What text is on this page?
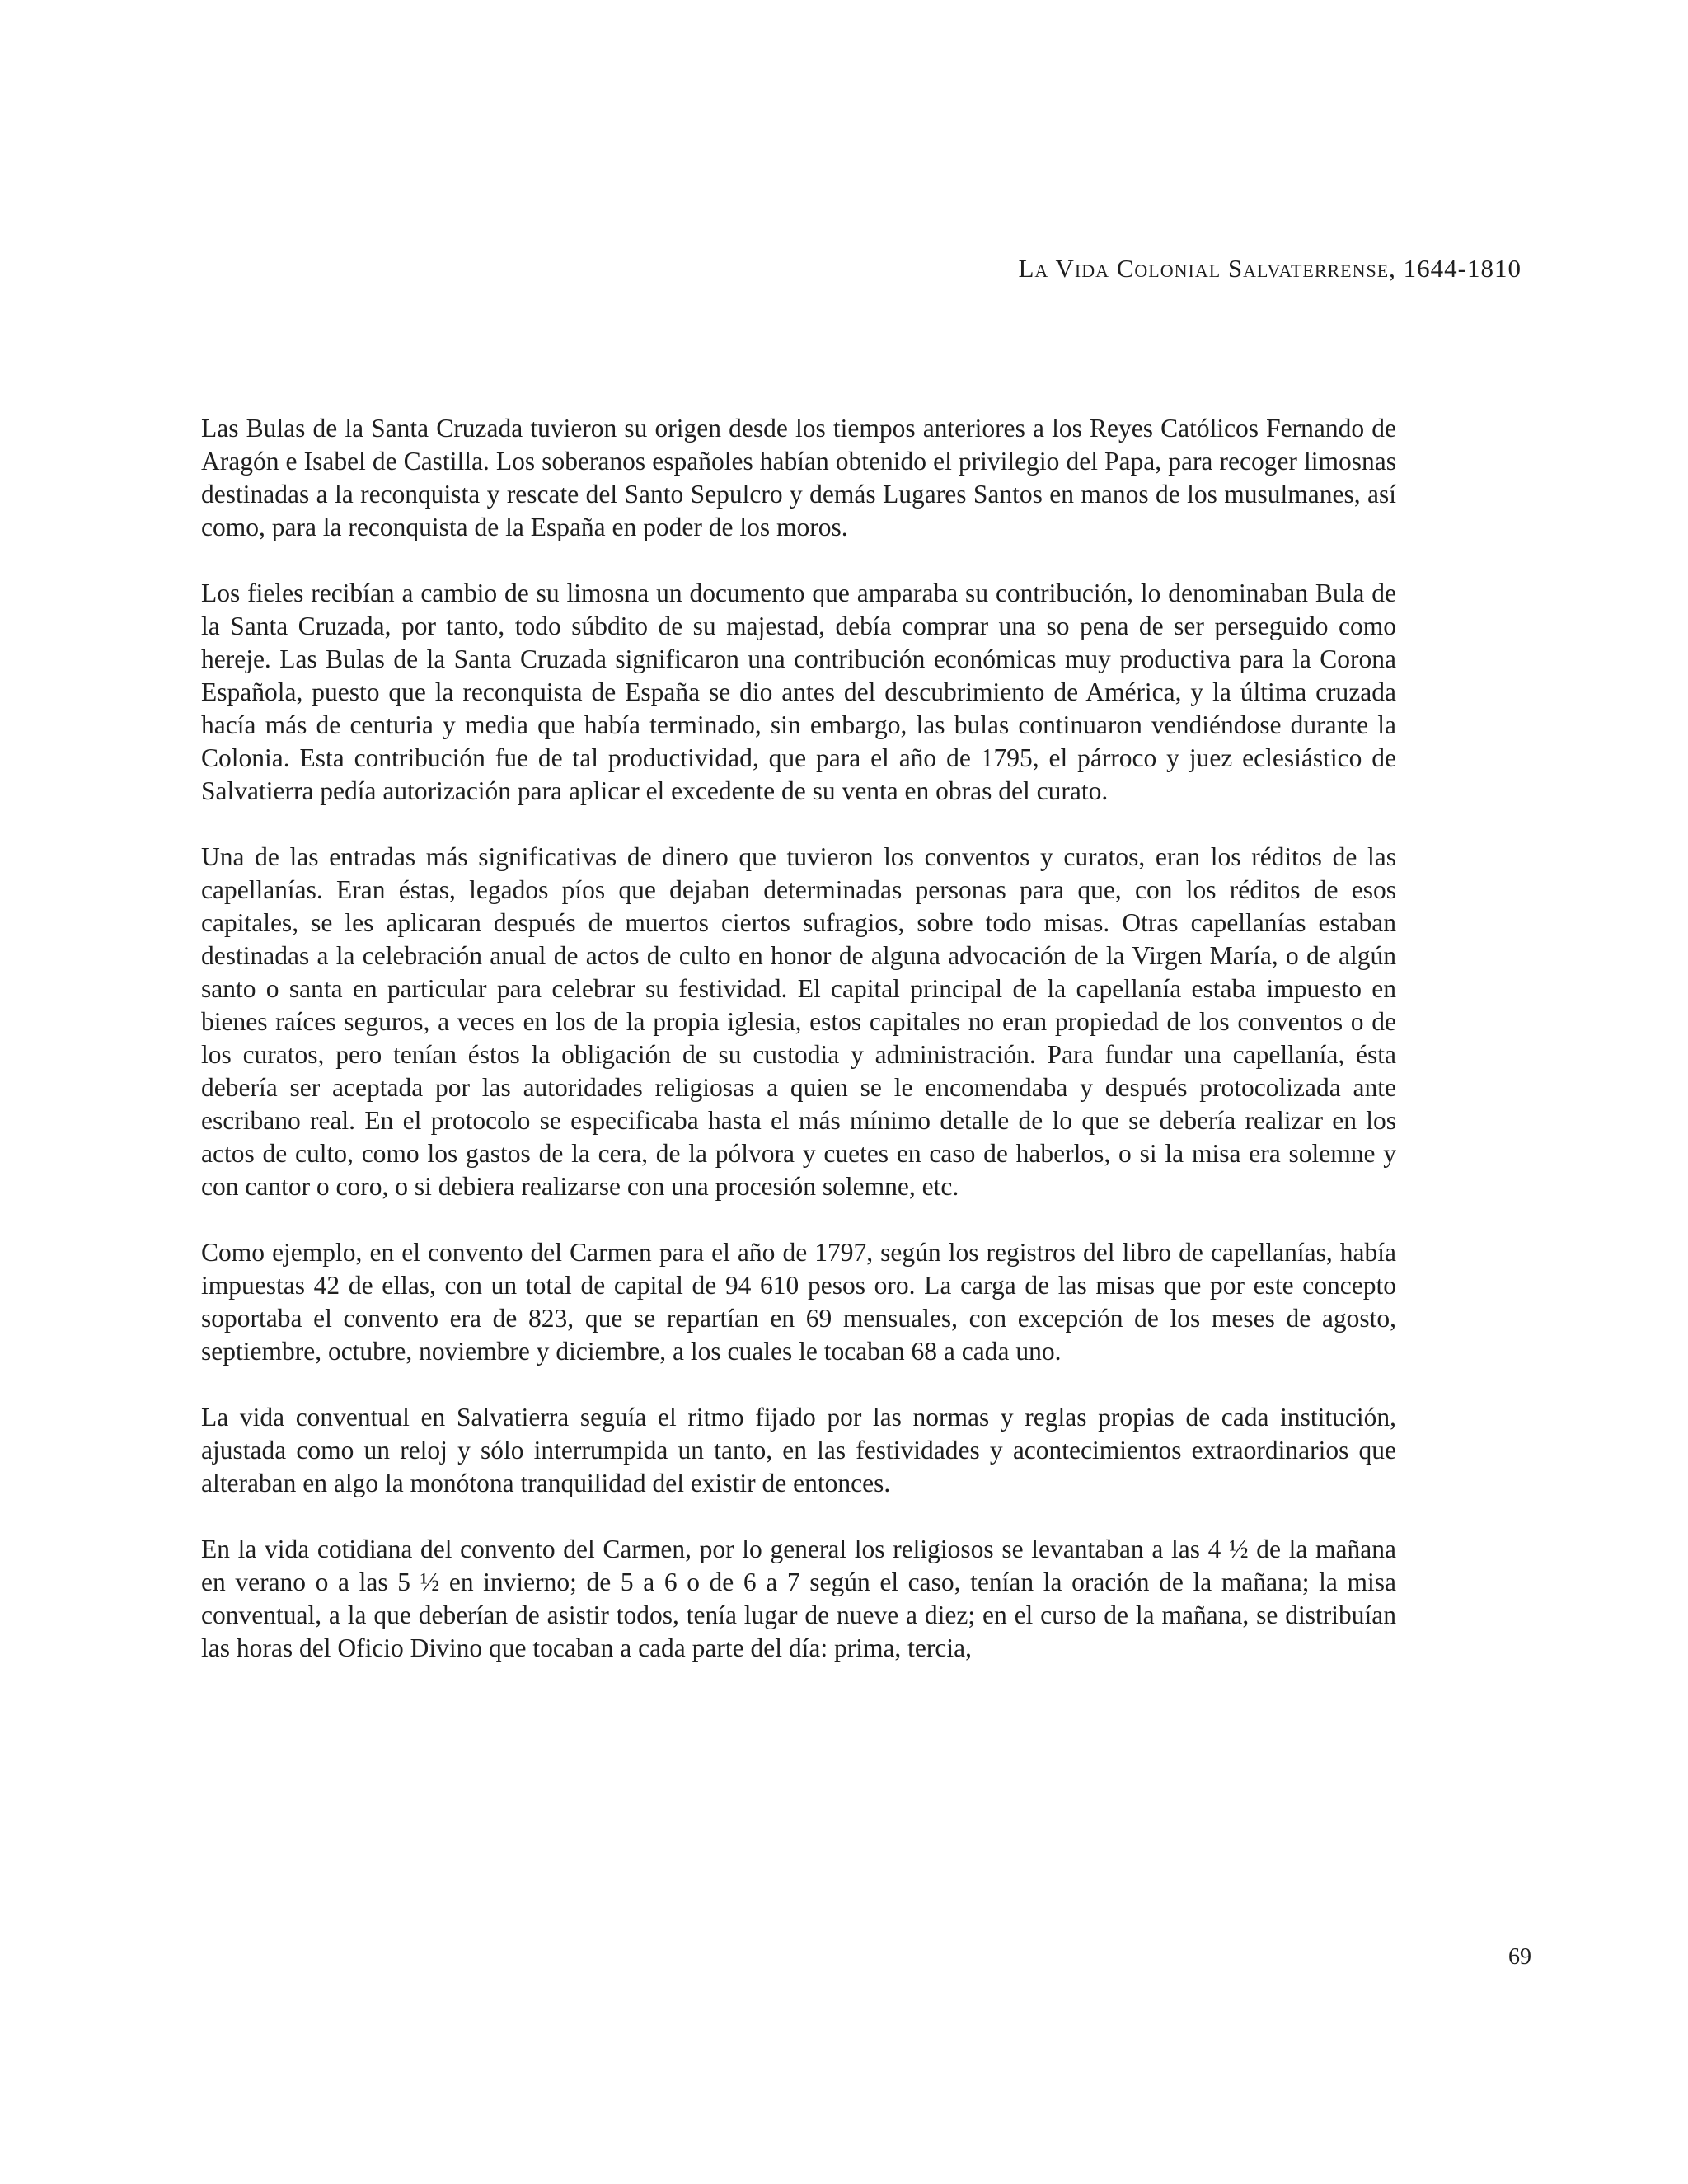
La Vida Colonial Salvaterrense, 1644-1810

Las Bulas de la Santa Cruzada tuvieron su origen desde los tiempos anteriores a los Reyes Católicos Fernando de Aragón e Isabel de Castilla. Los soberanos españoles habían obtenido el privilegio del Papa, para recoger limosnas destinadas a la reconquista y rescate del Santo Sepulcro y demás Lugares Santos en manos de los musulmanes, así como, para la reconquista de la España en poder de los moros.

Los fieles recibían a cambio de su limosna un documento que amparaba su contribución, lo denominaban Bula de la Santa Cruzada, por tanto, todo súbdito de su majestad, debía comprar una so pena de ser perseguido como hereje. Las Bulas de la Santa Cruzada significaron una contribución económicas muy productiva para la Corona Española, puesto que la reconquista de España se dio antes del descubrimiento de América, y la última cruzada hacía más de centuria y media que había terminado, sin embargo, las bulas continuaron vendiéndose durante la Colonia. Esta contribución fue de tal productividad, que para el año de 1795, el párroco y juez eclesiástico de Salvatierra pedía autorización para aplicar el excedente de su venta en obras del curato.

Una de las entradas más significativas de dinero que tuvieron los conventos y curatos, eran los réditos de las capellanías. Eran éstas, legados píos que dejaban determinadas personas para que, con los réditos de esos capitales, se les aplicaran después de muertos ciertos sufragios, sobre todo misas. Otras capellanías estaban destinadas a la celebración anual de actos de culto en honor de alguna advocación de la Virgen María, o de algún santo o santa en particular para celebrar su festividad. El capital principal de la capellanía estaba impuesto en bienes raíces seguros, a veces en los de la propia iglesia, estos capitales no eran propiedad de los conventos o de los curatos, pero tenían éstos la obligación de su custodia y administración. Para fundar una capellanía, ésta debería ser aceptada por las autoridades religiosas a quien se le encomendaba y después protocolizada ante escribano real. En el protocolo se especificaba hasta el más mínimo detalle de lo que se debería realizar en los actos de culto, como los gastos de la cera, de la pólvora y cuetes en caso de haberlos, o si la misa era solemne y con cantor o coro, o si debiera realizarse con una procesión solemne, etc.

Como ejemplo, en el convento del Carmen para el año de 1797, según los registros del libro de capellanías, había impuestas 42 de ellas, con un total de capital de 94 610 pesos oro. La carga de las misas que por este concepto soportaba el convento era de 823, que se repartían en 69 mensuales, con excepción de los meses de agosto, septiembre, octubre, noviembre y diciembre, a los cuales le tocaban 68 a cada uno.

La vida conventual en Salvatierra seguía el ritmo fijado por las normas y reglas propias de cada institución, ajustada como un reloj y sólo interrumpida un tanto, en las festividades y acontecimientos extraordinarios que alteraban en algo la monótona tranquilidad del existir de entonces.

En la vida cotidiana del convento del Carmen, por lo general los religiosos se levantaban a las 4 ½ de la mañana en verano o a las 5 ½ en invierno; de 5 a 6 o de 6 a 7 según el caso, tenían la oración de la mañana; la misa conventual, a la que deberían de asistir todos, tenía lugar de nueve a diez; en el curso de la mañana, se distribuían las horas del Oficio Divino que tocaban a cada parte del día: prima, tercia,

69
